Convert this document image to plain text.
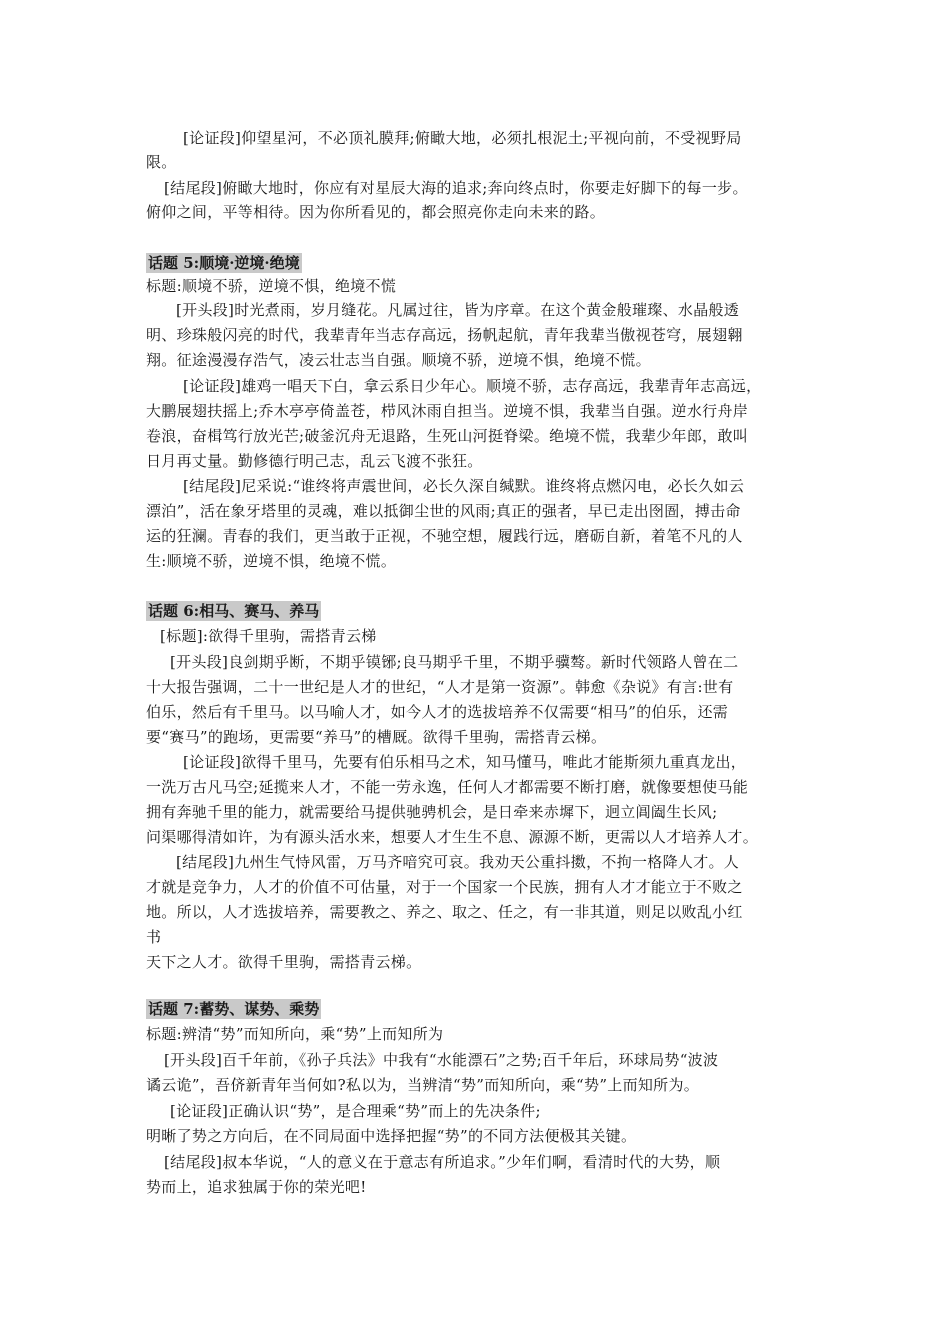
[论证段]仰望星河，不必顶礼膜拜;俯瞰大地，必须扎根泥土;平视向前，不受视野局
限。
[结尾段]俯瞰大地时，你应有对星辰大海的追求;奔向终点时，你要走好脚下的每一步。
俯仰之间，平等相待。因为你所看见的，都会照亮你走向未来的路。
话题 5:顺境·逆境·绝境
标题:顺境不骄，逆境不惧，绝境不慌
[开头段]时光煮雨，岁月缝花。凡属过往，皆为序章。在这个黄金般璀璨、水晶般透
明、珍珠般闪亮的时代，我辈青年当志存高远，扬帆起航，青年我辈当傲视苍穹，展翅翱
翔。征途漫漫存浩气，凌云壮志当自强。顺境不骄，逆境不惧，绝境不慌。
[论证段]雄鸡一唱天下白，拿云系日少年心。顺境不骄，志存高远，我辈青年志高远，
大鹏展翅扶摇上;乔木亭亭倚盖苍，栉风沐雨自担当。逆境不惧，我辈当自强。逆水行舟岸
卷浪，奋楫笃行放光芒;破釜沉舟无退路，生死山河挺脊梁。绝境不慌，我辈少年郎，敢叫
日月再丈量。勤修德行明己志，乱云飞渡不张狂。
[结尾段]尼采说:“谁终将声震世间，必长久深自缄默。谁终将点燃闪电，必长久如云
漂泊”，活在象牙塔里的灵魂，难以抵御尘世的风雨;真正的强者，早已走出囹圄，搏击命
运的狂澜。青春的我们，更当敢于正视，不驰空想，履践行远，磨砺自新，着笔不凡的人
生:顺境不骄，逆境不惧，绝境不慌。
话题 6:相马、赛马、养马
[标题]:欲得千里驹，需搭青云梯
[开头段]良剑期乎断，不期乎镆铘;良马期乎千里，不期乎骥骜。新时代领路人曾在二
十大报告强调，二十一世纪是人才的世纪，“人才是第一资源”。韩愈《杂说》有言:世有
伯乐，然后有千里马。以马喻人才，如今人才的选拔培养不仅需要“相马”的伯乐，还需
要“赛马”的跑场，更需要“养马”的槽厩。欲得千里驹，需搭青云梯。
[论证段]欲得千里马，先要有伯乐相马之术，知马懂马，唯此才能斯须九重真龙出，
一洗万古凡马空;延揽来人才，不能一劳永逸，任何人才都需要不断打磨，就像要想使马能
拥有奔驰千里的能力，就需要给马提供驰骋机会，是日牵来赤墀下，迥立阊阖生长风;
问渠哪得清如许，为有源头活水来，想要人才生生不息、源源不断，更需以人才培养人才。
[结尾段]九州生气恃风雷，万马齐喑究可哀。我劝天公重抖擞，不拘一格降人才。人
才就是竞争力，人才的价值不可估量，对于一个国家一个民族，拥有人才才能立于不败之
地。所以，人才选拔培养，需要教之、养之、取之、任之，有一非其道，则足以败乱小红
书
天下之人才。欲得千里驹，需搭青云梯。
话题 7:蓄势、谋势、乘势
标题:辨清“势”而知所向，乘“势”上而知所为
[开头段]百千年前，《孙子兵法》中我有“水能漂石”之势;百千年后，环球局势“波波
谲云诡”，吾侪新青年当何如?私以为，当辨清“势”而知所向，乘“势”上而知所为。
[论证段]正确认识“势”，是合理乘“势”而上的先决条件;
明晰了势之方向后，在不同局面中选择把握“势”的不同方法便极其关键。
[结尾段]叔本华说，“人的意义在于意志有所追求。”少年们啊，看清时代的大势，顺
势而上，追求独属于你的荣光吧!
